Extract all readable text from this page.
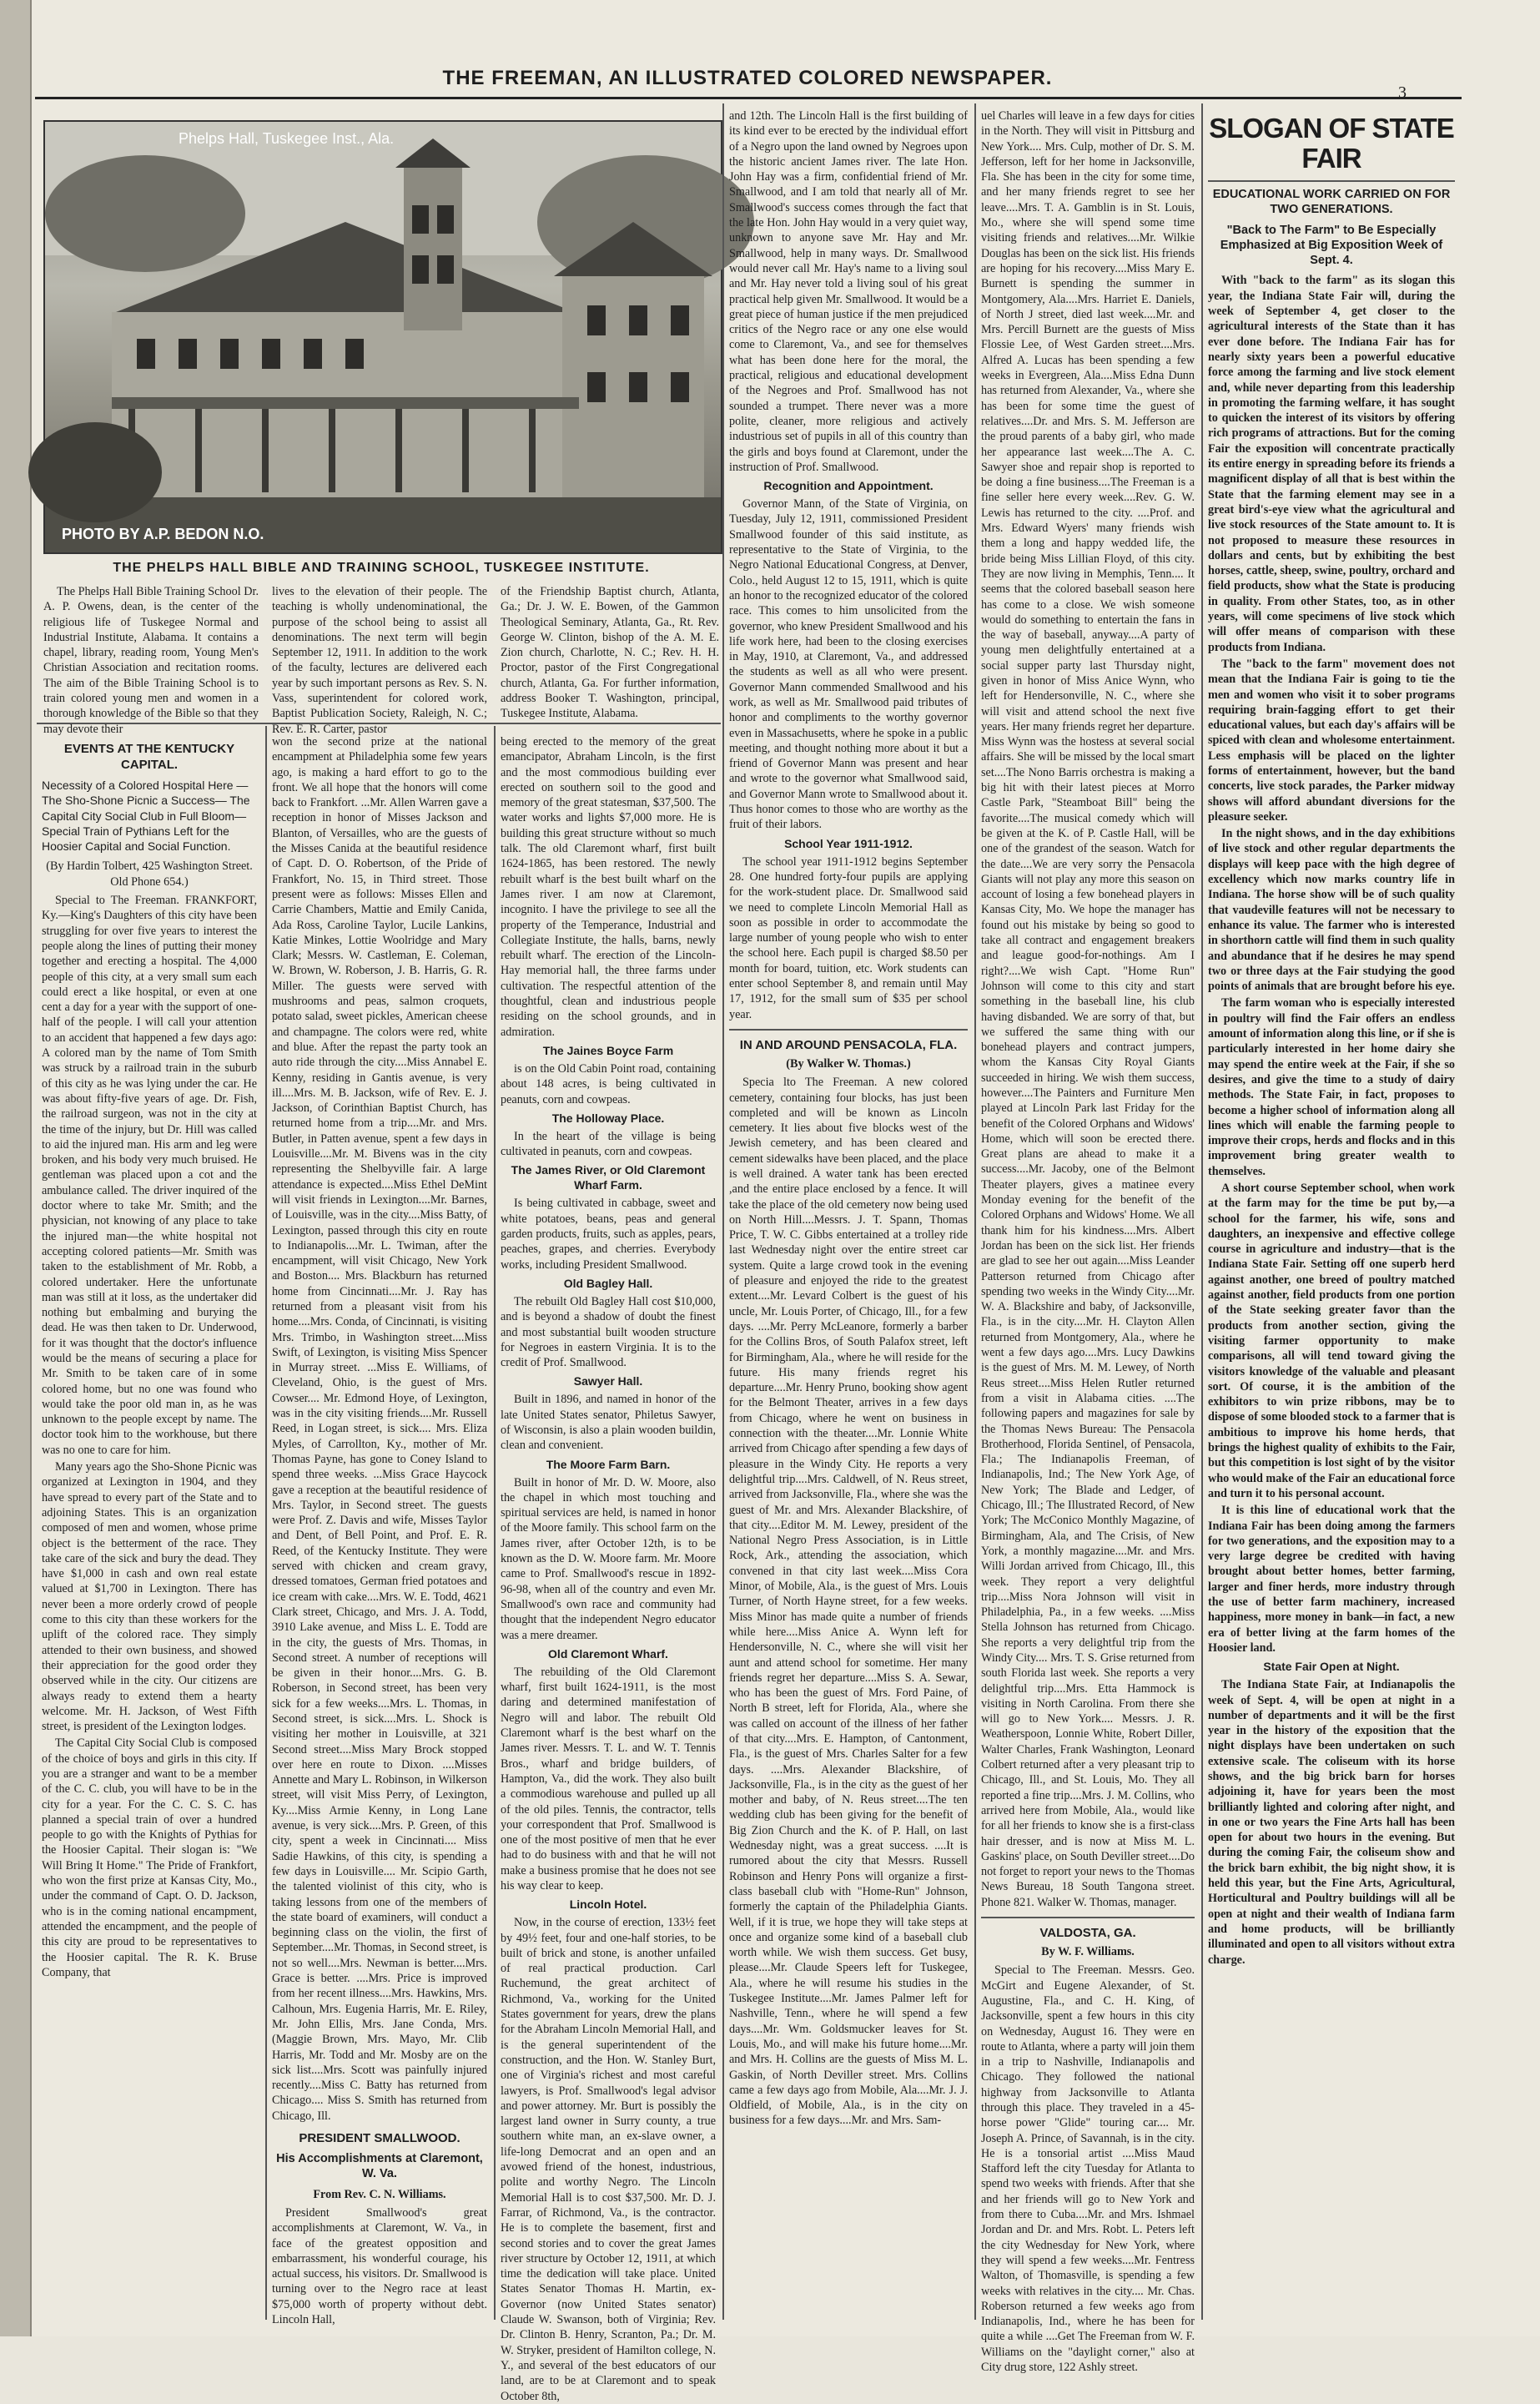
THE FREEMAN, AN ILLUSTRATED COLORED NEWSPAPER.
3
Phelps Hall, Tuskegee Inst., Ala.
PHOTO BY A.P. BEDON N.O.
THE PHELPS HALL BIBLE AND TRAINING SCHOOL, TUSKEGEE INSTITUTE.

The Phelps Hall Bible Training School Dr. A. P. Owens, dean, is the center of the religious life of Tuskegee Normal and Industrial Institute, Alabama. It contains a chapel, library, reading room, Young Men's Christian Association and recitation rooms. The aim of the Bible Training School is to train colored young men and women in a thorough knowledge of the Bible so that they may devote their

lives to the elevation of their people. The teaching is wholly undenominational, the purpose of the school being to assist all denominations. The next term will begin September 12, 1911. In addition to the work of the faculty, lectures are delivered each year by such important persons as Rev. S. N. Vass, superintendent for colored work, Baptist Publication Society, Raleigh, N. C.; Rev. E. R. Carter, pastor

of the Friendship Baptist church, Atlanta, Ga.; Dr. J. W. E. Bowen, of the Gammon Theological Seminary, Atlanta, Ga., Rt. Rev. George W. Clinton, bishop of the A. M. E. Zion church, Charlotte, N. C.; Rev. H. H. Proctor, pastor of the First Congregational church, Atlanta, Ga. For further information, address Booker T. Washington, principal, Tuskegee Institute, Alabama.

EVENTS AT THE KENTUCKY CAPITAL.
Necessity of a Colored Hospital Here —The Sho-Shone Picnic a Success— The Capital City Social Club in Full Bloom—Special Train of Pythians Left for the Hoosier Capital and Social Function.
(By Hardin Tolbert, 425 Washington Street. Old Phone 654.)

Special to The Freeman. FRANKFORT, Ky.—King's Daughters of this city have been struggling for over five years to interest the people along the lines of putting their money together and erecting a hospital. The 4,000 people of this city, at a very small sum each could erect a like hospital, or even at one cent a day for a year with the support of one-half of the people. I will call your attention to an accident that happened a few days ago: A colored man by the name of Tom Smith was struck by a railroad train in the suburb of this city as he was lying under the car. He was about fifty-five years of age. Dr. Fish, the railroad surgeon, was not in the city at the time of the injury, but Dr. Hill was called to aid the injured man. His arm and leg were broken, and his body very much bruised. He gentleman was placed upon a cot and the ambulance called. The driver inquired of the doctor where to take Mr. Smith; and the physician, not knowing of any place to take the injured man—the white hospital not accepting colored patients—Mr. Smith was taken to the establishment of Mr. Robb, a colored undertaker. Here the unfortunate man was still at it loss, as the undertaker did nothing but embalming and burying the dead. He was then taken to Dr. Underwood, for it was thought that the doctor's influence would be the means of securing a place for Mr. Smith to be taken care of in some colored home, but no one was found who would take the poor old man in, as he was unknown to the people except by name. The doctor took him to the workhouse, but there was no one to care for him.

Many years ago the Sho-Shone Picnic was organized at Lexington in 1904, and they have spread to every part of the State and to adjoining States. This is an organization composed of men and women, whose prime object is the betterment of the race. They take care of the sick and bury the dead. They have $1,000 in cash and own real estate valued at $1,700 in Lexington. There has never been a more orderly crowd of people come to this city than these workers for the uplift of the colored race. They simply attended to their own business, and showed their appreciation for the good order they observed while in the city. Our citizens are always ready to extend them a hearty welcome. Mr. H. Jackson, of West Fifth street, is president of the Lexington lodges.

The Capital City Social Club is composed of the choice of boys and girls in this city. If you are a stranger and want to be a member of the C. C. club, you will have to be in the city for a year. For the C. C. S. C. has planned a special train of over a hundred people to go with the Knights of Pythias for the Hoosier Capital. Their slogan is: "We Will Bring It Home." The Pride of Frankfort, who won the first prize at Kansas City, Mo., under the command of Capt. O. D. Jackson, who is in the coming national encampment, attended the encampment, and the people of this city are proud to be representatives to the Hoosier capital. The R. K. Bruse Company, that

won the second prize at the national encampment at Philadelphia some few years ago, is making a hard effort to go to the front. We all hope that the honors will come back to Frankfort. ...Mr. Allen Warren gave a reception in honor of Misses Jackson and Blanton, of Versailles, who are the guests of the Misses Canida at the beautiful residence of Capt. D. O. Robertson, of the Pride of Frankfort, No. 15, in Third street. Those present were as follows: Misses Ellen and Carrie Chambers, Mattie and Emily Canida, Ada Ross, Caroline Taylor, Lucile Lankins, Katie Minkes, Lottie Woolridge and Mary Clark; Messrs. W. Castleman, E. Coleman, W. Brown, W. Roberson, J. B. Harris, G. R. Miller. The guests were served with mushrooms and peas, salmon croquets, potato salad, sweet pickles, American cheese and champagne. The colors were red, white and blue. After the repast the party took an auto ride through the city....Miss Annabel E. Kenny, residing in Gantis avenue, is very ill....Mrs. M. B. Jackson, wife of Rev. E. J. Jackson, of Corinthian Baptist Church, has returned home from a trip....Mr. and Mrs. Butler, in Patten avenue, spent a few days in Louisville....Mr. M. Bivens was in the city representing the Shelbyville fair. A large attendance is expected....Miss Ethel DeMint will visit friends in Lexington....Mr. Barnes, of Louisville, was in the city....Miss Batty, of Lexington, passed through this city en route to Indianapolis....Mr. L. Twiman, after the encampment, will visit Chicago, New York and Boston.... Mrs. Blackburn has returned home from Cincinnati....Mr. J. Ray has returned from a pleasant visit from his home....Mrs. Conda, of Cincinnati, is visiting Mrs. Trimbo, in Washington street....Miss Swift, of Lexington, is visiting Miss Spencer in Murray street. ...Miss E. Williams, of Cleveland, Ohio, is the guest of Mrs. Cowser.... Mr. Edmond Hoye, of Lexington, was in the city visiting friends....Mr. Russell Reed, in Logan street, is sick.... Mrs. Eliza Myles, of Carrollton, Ky., mother of Mr. Thomas Payne, has gone to Coney Island to spend three weeks. ...Miss Grace Haycock gave a reception at the beautiful residence of Mrs. Taylor, in Second street. The guests were Prof. Z. Davis and wife, Misses Taylor and Dent, of Bell Point, and Prof. E. R. Reed, of the Kentucky Institute. They were served with chicken and cream gravy, dressed tomatoes, German fried potatoes and ice cream with cake....Mrs. W. E. Todd, 4621 Clark street, Chicago, and Mrs. J. A. Todd, 3910 Lake avenue, and Miss L. E. Todd are in the city, the guests of Mrs. Thomas, in Second street. A number of receptions will be given in their honor....Mrs. G. B. Roberson, in Second street, has been very sick for a few weeks....Mrs. L. Thomas, in Second street, is sick....Mrs. L. Shock is visiting her mother in Louisville, at 321 Second street....Miss Mary Brock stopped over here en route to Dixon. ....Misses Annette and Mary L. Robinson, in Wilkerson street, will visit Miss Perry, of Lexington, Ky....Miss Armie Kenny, in Long Lane avenue, is very sick....Mrs. P. Green, of this city, spent a week in Cincinnati.... Miss Sadie Hawkins, of this city, is spending a few days in Louisville.... Mr. Scipio Garth, the talented violinist of this city, who is taking lessons from one of the members of the state board of examiners, will conduct a beginning class on the violin, the first of September....Mr. Thomas, in Second street, is not so well....Mrs. Newman is better....Mrs. Grace is better. ....Mrs. Price is improved from her recent illness....Mrs. Hawkins, Mrs. Calhoun, Mrs. Eugenia Harris, Mr. E. Riley, Mr. John Ellis, Mrs. Jane Conda, Mrs. (Maggie Brown, Mrs. Mayo, Mr. Clib Harris, Mr. Todd and Mr. Mosby are on the sick list....Mrs. Scott was painfully injured recently....Miss C. Batty has returned from Chicago.... Miss S. Smith has returned from Chicago, Ill.

PRESIDENT SMALLWOOD.
His Accomplishments at Claremont, W. Va.
From Rev. C. N. Williams.

President Smallwood's great accomplishments at Claremont, W. Va., in face of the greatest opposition and embarrassment, his wonderful courage, his actual success, his visitors. Dr. Smallwood is turning over to the Negro race at least $75,000 worth of property without debt. Lincoln Hall,

being erected to the memory of the great emancipator, Abraham Lincoln, is the first and the most commodious building ever erected on southern soil to the good and memory of the great statesman, $37,500. The water works and lights $7,000 more. He is building this great structure without so much talk. The old Claremont wharf, first built 1624-1865, has been restored. The newly rebuilt wharf is the best built wharf on the James river. I am now at Claremont, incognito. I have the privilege to see all the property of the Temperance, Industrial and Collegiate Institute, the halls, barns, newly rebuilt wharf. The erection of the Lincoln-Hay memorial hall, the three farms under cultivation. The respectful attention of the thoughtful, clean and industrious people residing on the school grounds, and in admiration.

The Jaines Boyce Farm

is on the Old Cabin Point road, containing about 148 acres, is being cultivated in peanuts, corn and cowpeas.

The Holloway Place.

In the heart of the village is being cultivated in peanuts, corn and cowpeas.

The James River, or Old Claremont Wharf Farm.

Is being cultivated in cabbage, sweet and white potatoes, beans, peas and general garden products, fruits, such as apples, pears, peaches, grapes, and cherries. Everybody works, including President Smallwood.

Old Bagley Hall.

The rebuilt Old Bagley Hall cost $10,000, and is beyond a shadow of doubt the finest and most substantial built wooden structure for Negroes in eastern Virginia. It is to the credit of Prof. Smallwood.

Sawyer Hall.

Built in 1896, and named in honor of the late United States senator, Philetus Sawyer, of Wisconsin, is also a plain wooden buildin, clean and convenient.

The Moore Farm Barn.

Built in honor of Mr. D. W. Moore, also the chapel in which most touching and spiritual services are held, is named in honor of the Moore family. This school farm on the James river, after October 12th, is to be known as the D. W. Moore farm. Mr. Moore came to Prof. Smallwood's rescue in 1892-96-98, when all of the country and even Mr. Smallwood's own race and community had thought that the independent Negro educator was a mere dreamer.

Old Claremont Wharf.

The rebuilding of the Old Claremont wharf, first built 1624-1911, is the most daring and determined manifestation of Negro will and labor. The rebuilt Old Claremont wharf is the best wharf on the James river. Messrs. T. L. and W. T. Tennis Bros., wharf and bridge builders, of Hampton, Va., did the work. They also built a commodious warehouse and pulled up all of the old piles. Tennis, the contractor, tells your correspondent that Prof. Smallwood is one of the most positive of men that he ever had to do business with and that he will not make a business promise that he does not see his way clear to keep.

Lincoln Hotel.

Now, in the course of erection, 133½ feet by 49½ feet, four and one-half stories, to be built of brick and stone, is another unfailed of real practical production. Carl Ruchemund, the great architect of Richmond, Va., working for the United States government for years, drew the plans for the Abraham Lincoln Memorial Hall, and is the general superintendent of the construction, and the Hon. W. Stanley Burt, one of Virginia's richest and most careful lawyers, is Prof. Smallwood's legal advisor and power attorney. Mr. Burt is possibly the largest land owner in Surry county, a true southern white man, an ex-slave owner, a life-long Democrat and an open and an avowed friend of the honest, industrious, polite and worthy Negro. The Lincoln Memorial Hall is to cost $37,500. Mr. D. J. Farrar, of Richmond, Va., is the contractor. He is to complete the basement, first and second stories and to cover the great James river structure by October 12, 1911, at which time the dedication will take place. United States Senator Thomas H. Martin, ex-Governor (now United States senator) Claude W. Swanson, both of Virginia; Rev. Dr. Clinton B. Henry, Scranton, Pa.; Dr. M. W. Stryker, president of Hamilton college, N. Y., and several of the best educators of our land, are to be at Claremont and to speak October 8th,

and 12th. The Lincoln Hall is the first building of its kind ever to be erected by the individual effort of a Negro upon the land owned by Negroes upon the historic ancient James river. The late Hon. John Hay was a firm, confidential friend of Mr. Smallwood, and I am told that nearly all of Mr. Smallwood's success comes through the fact that the late Hon. John Hay would in a very quiet way, unknown to anyone save Mr. Hay and Mr. Smallwood, help in many ways. Dr. Smallwood would never call Mr. Hay's name to a living soul and Mr. Hay never told a living soul of his great practical help given Mr. Smallwood. It would be a great piece of human justice if the men prejudiced critics of the Negro race or any one else would come to Claremont, Va., and see for themselves what has been done here for the moral, the practical, religious and educational development of the Negroes and Prof. Smallwood has not sounded a trumpet. There never was a more polite, cleaner, more religious and actively industrious set of pupils in all of this country than the girls and boys found at Claremont, under the instruction of Prof. Smallwood.

Recognition and Appointment.

Governor Mann, of the State of Virginia, on Tuesday, July 12, 1911, commissioned President Smallwood founder of this said institute, as representative to the State of Virginia, to the Negro National Educational Congress, at Denver, Colo., held August 12 to 15, 1911, which is quite an honor to the recognized educator of the colored race. This comes to him unsolicited from the governor, who knew President Smallwood and his life work here, had been to the closing exercises in May, 1910, at Claremont, Va., and addressed the students as well as all who were present. Governor Mann commended Smallwood and his work, as well as Mr. Smallwood paid tributes of honor and compliments to the worthy governor even in Massachusetts, where he spoke in a public meeting, and thought nothing more about it but a friend of Governor Mann was present and hear and wrote to the governor what Smallwood said, and Governor Mann wrote to Smallwood about it. Thus honor comes to those who are worthy as the fruit of their labors.

School Year 1911-1912.

The school year 1911-1912 begins September 28. One hundred forty-four pupils are applying for the work-student place. Dr. Smallwood said we need to complete Lincoln Memorial Hall as soon as possible in order to accommodate the large number of young people who wish to enter the school here. Each pupil is charged $8.50 per month for board, tuition, etc. Work students can enter school September 8, and remain until May 17, 1912, for the small sum of $35 per school year.

IN AND AROUND PENSACOLA, FLA.
(By Walker W. Thomas.)

Specia lto The Freeman. A new colored cemetery, containing four blocks, has just been completed and will be known as Lincoln cemetery. It lies about five blocks west of the Jewish cemetery, and has been cleared and cement sidewalks have been placed, and the place is well drained. A water tank has been erected ,and the entire place enclosed by a fence. It will take the place of the old cemetery now being used on North Hill....Messrs. J. T. Spann, Thomas Price, T. W. C. Gibbs entertained at a trolley ride last Wednesday night over the entire street car system. Quite a large crowd took in the evening of pleasure and enjoyed the ride to the greatest extent....Mr. Levard Colbert is the guest of his uncle, Mr. Louis Porter, of Chicago, Ill., for a few days. ....Mr. Perry McLeanore, formerly a barber for the Collins Bros, of South Palafox street, left for Birmingham, Ala., where he will reside for the future. His many friends regret his departure....Mr. Henry Pruno, booking show agent for the Belmont Theater, arrives in a few days from Chicago, where he went on business in connection with the theater....Mr. Lonnie White arrived from Chicago after spending a few days of pleasure in the Windy City. He reports a very delightful trip....Mrs. Caldwell, of N. Reus street, arrived from Jacksonville, Fla., where she was the guest of Mr. and Mrs. Alexander Blackshire, of that city....Editor M. M. Lewey, president of the National Negro Press Association, is in Little Rock, Ark., attending the association, which convened in that city last week....Miss Cora Minor, of Mobile, Ala., is the guest of Mrs. Louis Turner, of North Hayne street, for a few weeks. Miss Minor has made quite a number of friends while here....Miss Anice A. Wynn left for Hendersonville, N. C., where she will visit her aunt and attend school for sometime. Her many friends regret her departure....Miss S. A. Sewar, who has been the guest of Mrs. Ford Paine, of North B street, left for Florida, Ala., where she was called on account of the illness of her father of that city....Mrs. E. Hampton, of Cantonment, Fla., is the guest of Mrs. Charles Salter for a few days. ....Mrs. Alexander Blackshire, of Jacksonville, Fla., is in the city as the guest of her mother and baby, of N. Reus street....The ten wedding club has been giving for the benefit of Big Zion Church and the K. of P. Hall, on last Wednesday night, was a great success. ....It is rumored about the city that Messrs. Russell Robinson and Henry Pons will organize a first-class baseball club with "Home-Run" Johnson, formerly the captain of the Philadelphia Giants. Well, if it is true, we hope they will take steps at once and organize some kind of a baseball club worth while. We wish them success. Get busy, please....Mr. Claude Speers left for Tuskegee, Ala., where he will resume his studies in the Tuskegee Institute....Mr. James Palmer left for Nashville, Tenn., where he will spend a few days....Mr. Wm. Goldsmucker leaves for St. Louis, Mo., and will make his future home....Mr. and Mrs. H. Collins are the guests of Miss M. L. Gaskin, of North Deviller street. Mrs. Collins came a few days ago from Mobile, Ala....Mr. J. J. Oldfield, of Mobile, Ala., is in the city on business for a few days....Mr. and Mrs. Sam-

uel Charles will leave in a few days for cities in the North. They will visit in Pittsburg and New York.... Mrs. Culp, mother of Dr. S. M. Jefferson, left for her home in Jacksonville, Fla. She has been in the city for some time, and her many friends regret to see her leave....Mrs. T. A. Gamblin is in St. Louis, Mo., where she will spend some time visiting friends and relatives....Mr. Wilkie Douglas has been on the sick list. His friends are hoping for his recovery....Miss Mary E. Burnett is spending the summer in Montgomery, Ala....Mrs. Harriet E. Daniels, of North J street, died last week....Mr. and Mrs. Percill Burnett are the guests of Miss Flossie Lee, of West Garden street....Mrs. Alfred A. Lucas has been spending a few weeks in Evergreen, Ala....Miss Edna Dunn has returned from Alexander, Va., where she has been for some time the guest of relatives....Dr. and Mrs. S. M. Jefferson are the proud parents of a baby girl, who made her appearance last week....The A. C. Sawyer shoe and repair shop is reported to be doing a fine business....The Freeman is a fine seller here every week....Rev. G. W. Lewis has returned to the city. ....Prof. and Mrs. Edward Wyers' many friends wish them a long and happy wedded life, the bride being Miss Lillian Floyd, of this city. They are now living in Memphis, Tenn.... It seems that the colored baseball season here has come to a close. We wish someone would do something to entertain the fans in the way of baseball, anyway....A party of young men delightfully entertained at a social supper party last Thursday night, given in honor of Miss Anice Wynn, who left for Hendersonville, N. C., where she will visit and attend school the next five years. Her many friends regret her departure. Miss Wynn was the hostess at several social affairs. She will be missed by the local smart set....The Nono Barris orchestra is making a big hit with their latest pieces at Morro Castle Park, "Steamboat Bill" being the favorite....The musical comedy which will be given at the K. of P. Castle Hall, will be one of the grandest of the season. Watch for the date....We are very sorry the Pensacola Giants will not play any more this season on account of losing a few bonehead players in Kansas City, Mo. We hope the manager has found out his mistake by being so good to take all contract and engagement breakers and league good-for-nothings. Am I right?....We wish Capt. "Home Run" Johnson will come to this city and start something in the baseball line, his club having disbanded. We are sorry of that, but we suffered the same thing with our bonehead players and contract jumpers, whom the Kansas City Royal Giants succeeded in hiring. We wish them success, however....The Painters and Furniture Men played at Lincoln Park last Friday for the benefit of the Colored Orphans and Widows' Home, which will soon be erected there. Great plans are ahead to make it a success....Mr. Jacoby, one of the Belmont Theater players, gives a matinee every Monday evening for the benefit of the Colored Orphans and Widows' Home. We all thank him for his kindness....Mrs. Albert Jordan has been on the sick list. Her friends are glad to see her out again....Miss Leander Patterson returned from Chicago after spending two weeks in the Windy City....Mr. W. A. Blackshire and baby, of Jacksonville, Fla., is in the city....Mr. H. Clayton Allen returned from Montgomery, Ala., where he went a few days ago....Mrs. Lucy Dawkins is the guest of Mrs. M. M. Lewey, of North Reus street....Miss Helen Rutler returned from a visit in Alabama cities. ....The following papers and magazines for sale by the Thomas News Bureau: The Pensacola Brotherhood, Florida Sentinel, of Pensacola, Fla.; The Indianapolis Freeman, of Indianapolis, Ind.; The New York Age, of New York; The Blade and Ledger, of Chicago, Ill.; The Illustrated Record, of New York; The McConico Monthly Magazine, of Birmingham, Ala, and The Crisis, of New York, a monthly magazine....Mr. and Mrs. Willi Jordan arrived from Chicago, Ill., this week. They report a very delightful trip....Miss Nora Johnson will visit in Philadelphia, Pa., in a few weeks. ....Miss Stella Johnson has returned from Chicago. She reports a very delightful trip from the Windy City.... Mrs. T. S. Grise returned from south Florida last week. She reports a very delightful trip....Mrs. Etta Hammock is visiting in North Carolina. From there she will go to New York.... Messrs. J. R. Weatherspoon, Lonnie White, Robert Diller, Walter Charles, Frank Washington, Leonard Colbert returned after a very pleasant trip to Chicago, Ill., and St. Louis, Mo. They all reported a fine trip....Mrs. J. M. Collins, who arrived here from Mobile, Ala., would like for all her friends to know she is a first-class hair dresser, and is now at Miss M. L. Gaskins' place, on South Deviller street....Do not forget to report your news to the Thomas News Bureau, 18 South Tangona street. Phone 821. Walker W. Thomas, manager.

VALDOSTA, GA.
By W. F. Williams.

Special to The Freeman. Messrs. Geo. McGirt and Eugene Alexander, of St. Augustine, Fla., and C. H. King, of Jacksonville, spent a few hours in this city on Wednesday, August 16. They were en route to Atlanta, where a party will join them in a trip to Nashville, Indianapolis and Chicago. They followed the national highway from Jacksonville to Atlanta through this place. They traveled in a 45-horse power "Glide" touring car.... Mr. Joseph A. Prince, of Savannah, is in the city. He is a tonsorial artist ....Miss Maud Stafford left the city Tuesday for Atlanta to spend two weeks with friends. After that she and her friends will go to New York and from there to Cuba....Mr. and Mrs. Ishmael Jordan and Dr. and Mrs. Robt. L. Peters left the city Wednesday for New York, where they will spend a few weeks....Mr. Fentress Walton, of Thomasville, is spending a few weeks with relatives in the city.... Mr. Chas. Roberson returned a few weeks ago from Indianapolis, Ind., where he has been for quite a while ....Get The Freeman from W. F. Williams on the "daylight corner," also at City drug store, 122 Ashly street.

SLOGAN OF STATE FAIR
EDUCATIONAL WORK CARRIED ON FOR TWO GENERATIONS.
"Back to The Farm" to Be Especially Emphasized at Big Exposition Week of Sept. 4.

With "back to the farm" as its slogan this year, the Indiana State Fair will, during the week of September 4, get closer to the agricultural interests of the State than it has ever done before. The Indiana Fair has for nearly sixty years been a powerful educative force among the farming and live stock element and, while never departing from this leadership in promoting the farming welfare, it has sought to quicken the interest of its visitors by offering rich programs of attractions. But for the coming Fair the exposition will concentrate practically its entire energy in spreading before its friends a magnificent display of all that is best within the State that the farming element may see in a great bird's-eye view what the agricultural and live stock resources of the State amount to. It is not proposed to measure these resources in dollars and cents, but by exhibiting the best horses, cattle, sheep, swine, poultry, orchard and field products, show what the State is producing in quality. From other States, too, as in other years, will come specimens of live stock which will offer means of comparison with these products from Indiana.

The "back to the farm" movement does not mean that the Indiana Fair is going to tie the men and women who visit it to sober programs requiring brain-fagging effort to get their educational values, but each day's affairs will be spiced with clean and wholesome entertainment. Less emphasis will be placed on the lighter forms of entertainment, however, but the band concerts, live stock parades, the Parker midway shows will afford abundant diversions for the pleasure seeker.

In the night shows, and in the day exhibitions of live stock and other regular departments the displays will keep pace with the high degree of excellency which now marks country life in Indiana. The horse show will be of such quality that vaudeville features will not be necessary to enhance its value. The farmer who is interested in shorthorn cattle will find them in such quality and abundance that if he desires he may spend two or three days at the Fair studying the good points of animals that are brought before his eye.

The farm woman who is especially interested in poultry will find the Fair offers an endless amount of information along this line, or if she is particularly interested in her home dairy she may spend the entire week at the Fair, if she so desires, and give the time to a study of dairy methods. The State Fair, in fact, proposes to become a higher school of information along all lines which will enable the farming people to improve their crops, herds and flocks and in this improvement bring greater wealth to themselves.

A short course September school, when work at the farm may for the time be put by,—a school for the farmer, his wife, sons and daughters, an inexpensive and effective college course in agriculture and industry—that is the Indiana State Fair. Setting off one superb herd against another, one breed of poultry matched against another, field products from one portion of the State seeking greater favor than the products from another section, giving the visiting farmer opportunity to make comparisons, all will tend toward giving the visitors knowledge of the valuable and pleasant sort. Of course, it is the ambition of the exhibitors to win prize ribbons, may be to dispose of some blooded stock to a farmer that is ambitious to improve his home herds, that brings the highest quality of exhibits to the Fair, but this competition is lost sight of by the visitor who would make of the Fair an educational force and turn it to his personal account.

It is this line of educational work that the Indiana Fair has been doing among the farmers for two generations, and the exposition may to a very large degree be credited with having brought about better homes, better farming, larger and finer herds, more industry through the use of better farm machinery, increased happiness, more money in bank—in fact, a new era of better living at the farm homes of the Hoosier land.

State Fair Open at Night.

The Indiana State Fair, at Indianapolis the week of Sept. 4, will be open at night in a number of departments and it will be the first year in the history of the exposition that the night displays have been undertaken on such extensive scale. The coliseum with its horse shows, and the big brick barn for horses adjoining it, have for years been the most brilliantly lighted and coloring after night, and in one or two years the Fine Arts hall has been open for about two hours in the evening. But during the coming Fair, the coliseum show and the brick barn exhibit, the big night show, it is held this year, but the Fine Arts, Agricultural, Horticultural and Poultry buildings will all be open at night and their wealth of Indiana farm and home products, will be brilliantly illuminated and open to all visitors without extra charge.
